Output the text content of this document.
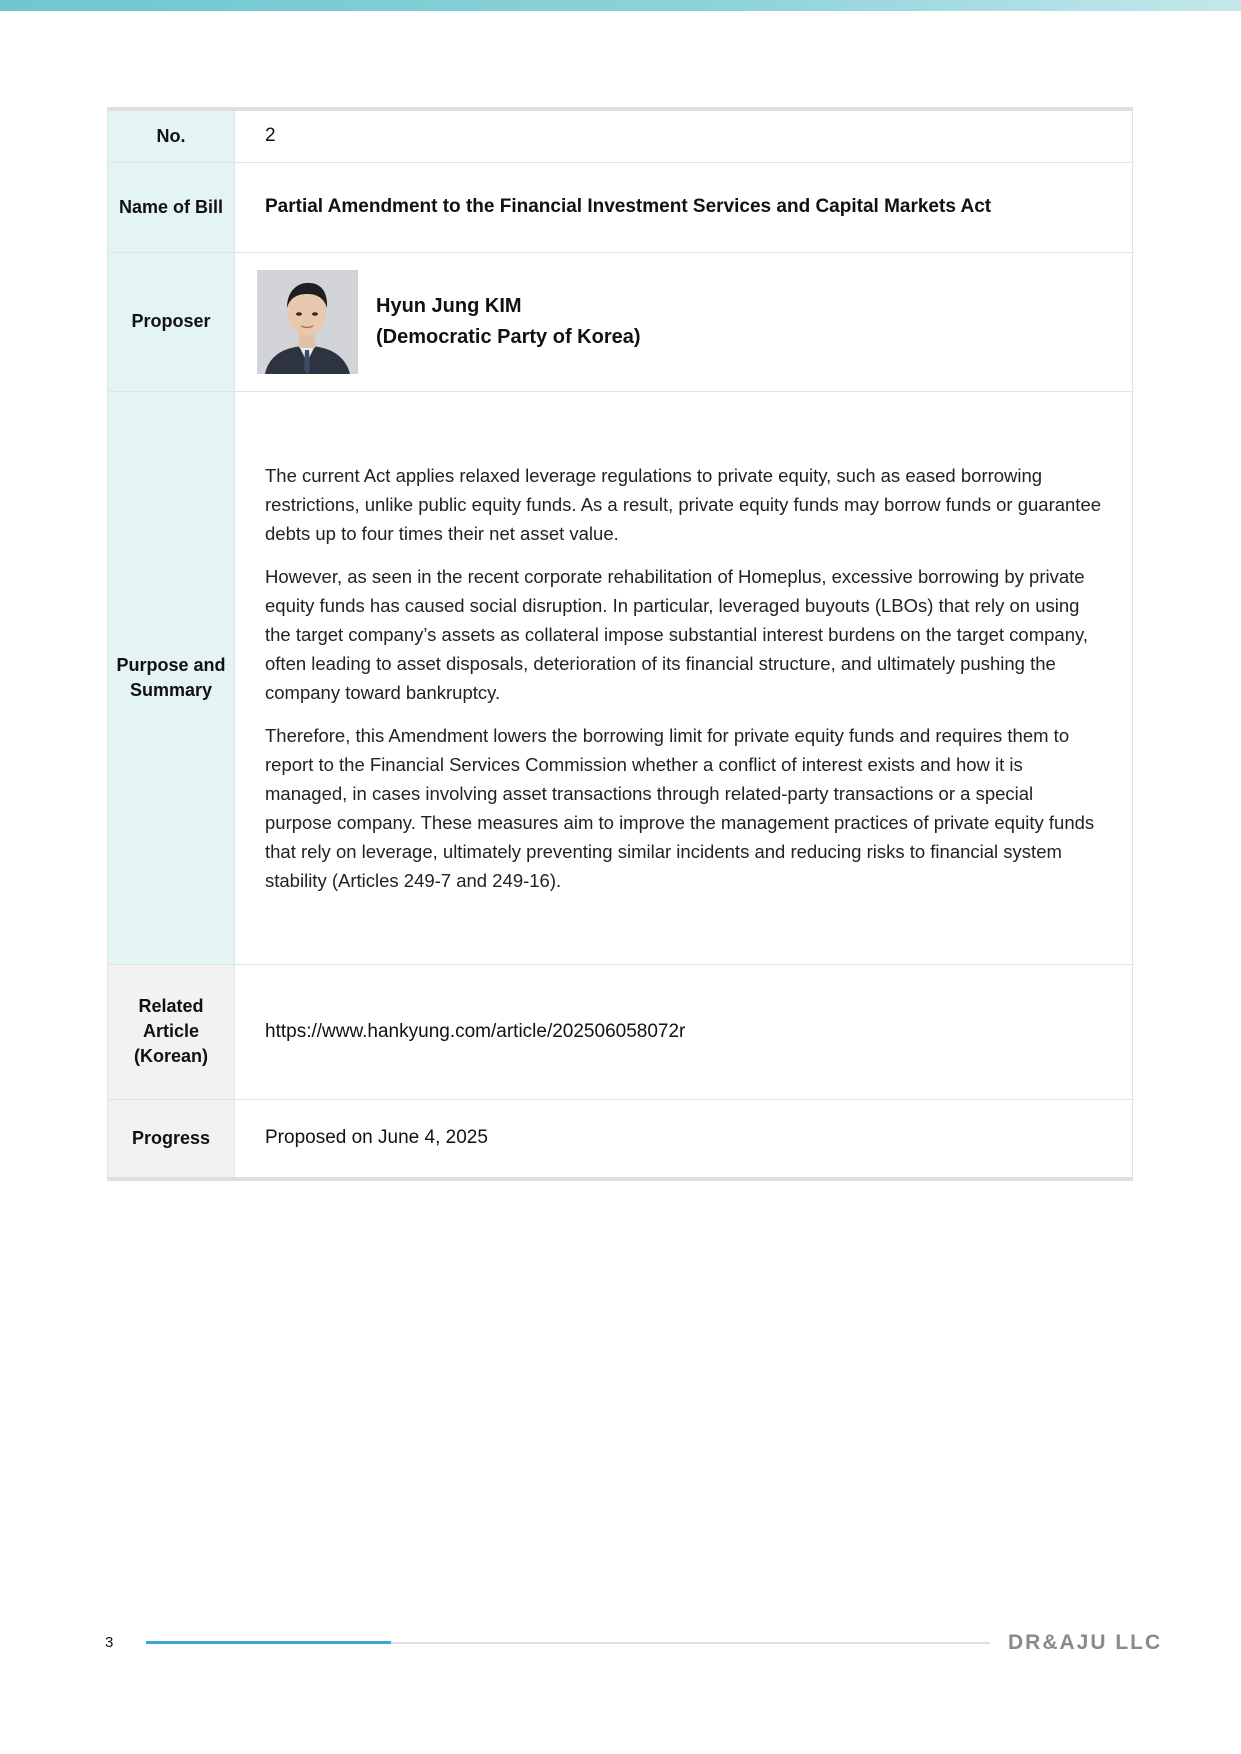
No.	2
Name of Bill	Partial Amendment to the Financial Investment Services and Capital Markets Act
Proposer	Hyun Jung KIM
(Democratic Party of Korea)

Purpose and Summary	The current Act applies relaxed leverage regulations to private equity, such as eased borrowing restrictions, unlike public equity funds. As a result, private equity funds may borrow funds or guarantee debts up to four times their net asset value.

However, as seen in the recent corporate rehabilitation of Homeplus, excessive borrowing by private equity funds has caused social disruption. In particular, leveraged buyouts (LBOs) that rely on using the target company’s assets as collateral impose substantial interest burdens on the target company, often leading to asset disposals, deterioration of its financial structure, and ultimately pushing the company toward bankruptcy.

Therefore, this Amendment lowers the borrowing limit for private equity funds and requires them to report to the Financial Services Commission whether a conflict of interest exists and how it is managed, in cases involving asset transactions through related-party transactions or a special purpose company. These measures aim to improve the management practices of private equity funds that rely on leverage, ultimately preventing similar incidents and reducing risks to financial system stability (Articles 249-7 and 249-16).

Related Article (Korean)	https://www.hankyung.com/article/202506058072r
Progress	Proposed on June 4, 2025
3	DR&AJU LLC
